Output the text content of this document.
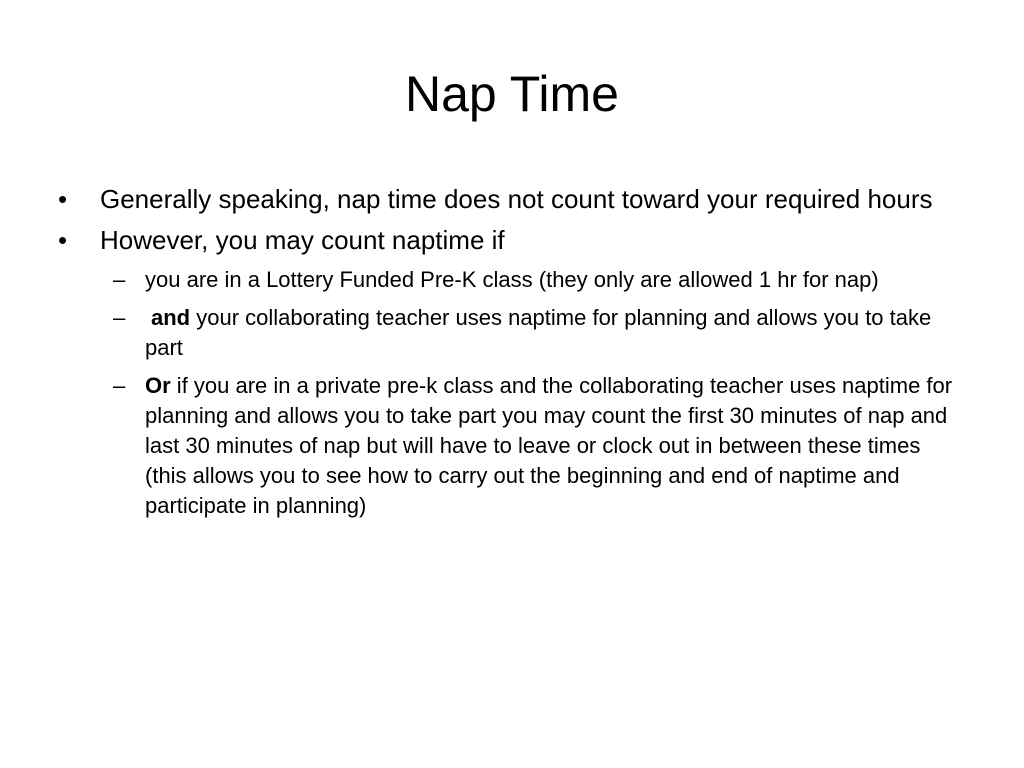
Nap Time
• Generally speaking, nap time does not count toward your required hours
• However, you may count naptime if
– you are in a Lottery Funded Pre-K class (they only are allowed 1 hr for nap)
– and your collaborating teacher uses naptime for planning and allows you to take part
– Or if you are in a private pre-k class and the collaborating teacher uses naptime for planning and allows you to take part you may count the first 30 minutes of nap and last 30 minutes of nap but will have to leave or clock out in between these times (this allows you to see how to carry out the beginning and end of naptime and participate in planning)
